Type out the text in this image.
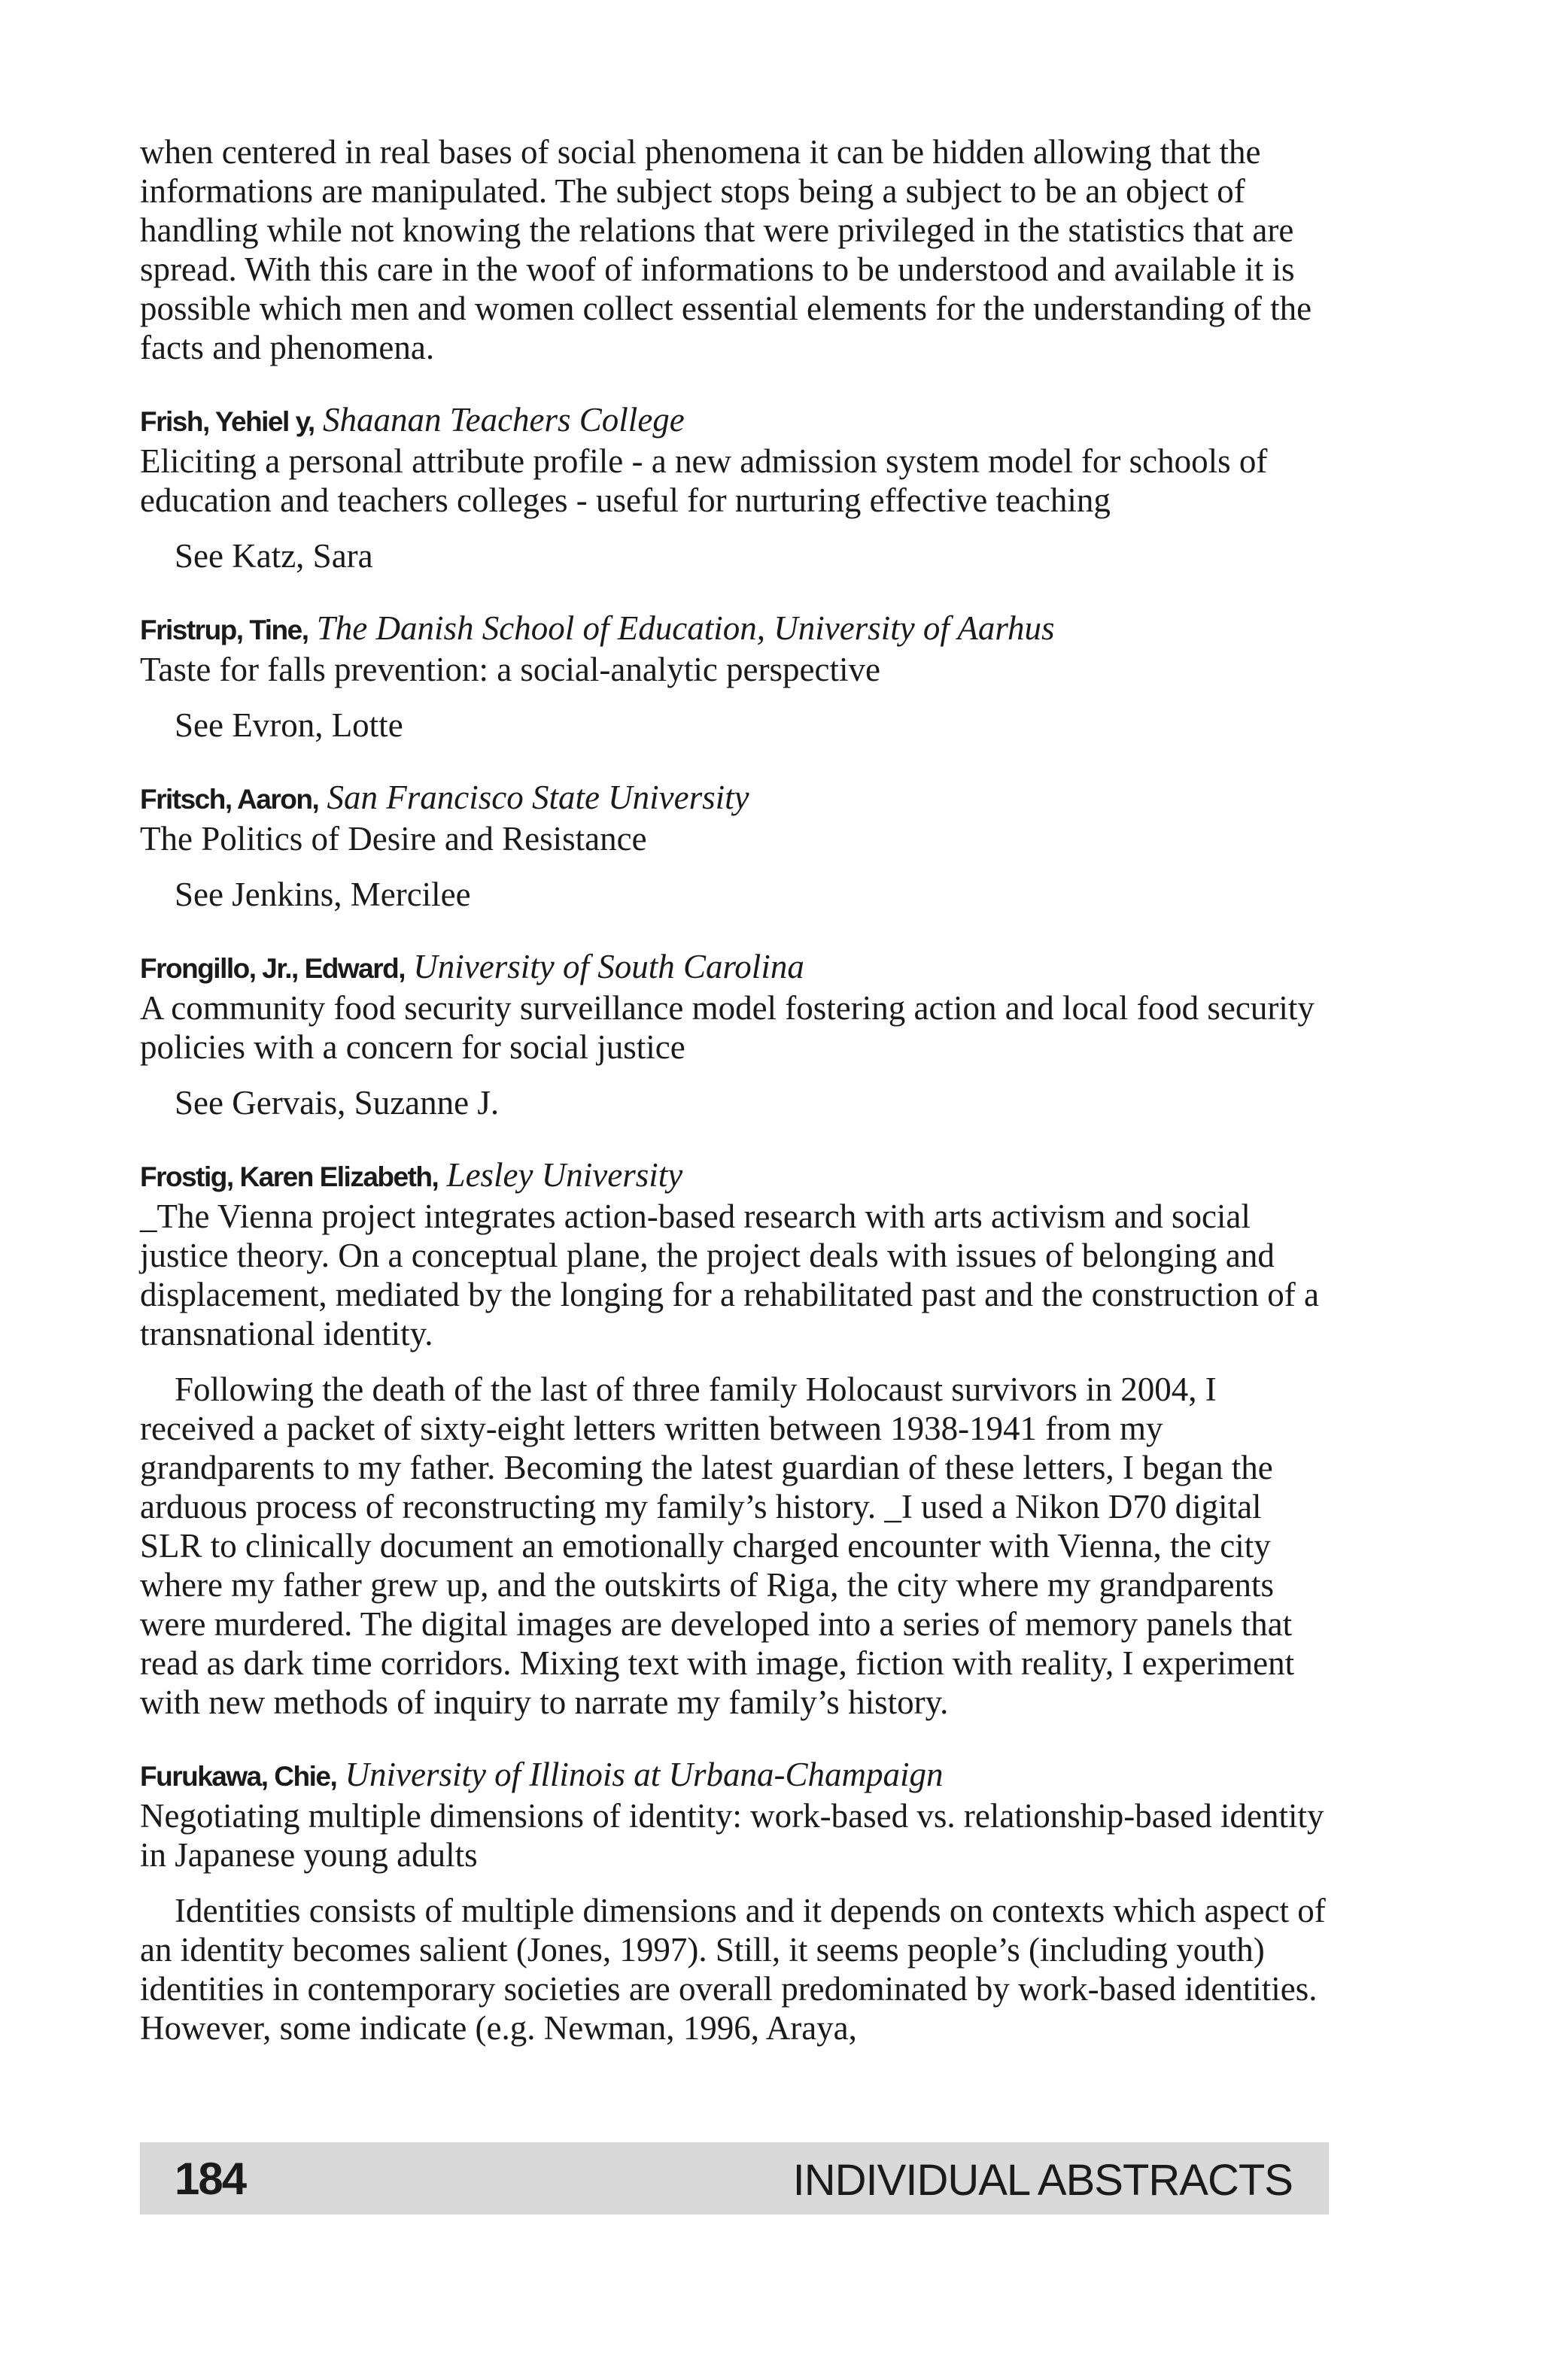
when centered in real bases of social phenomena it can be hidden allowing that the informations are manipulated. The subject stops being a subject to be an object of handling while not knowing the relations that were privileged in the statistics that are spread. With this care in the woof of informations to be understood and available it is possible which men and women collect essential elements for the understanding of the facts and phenomena.

Frish, Yehiel y, Shaanan Teachers College

Eliciting a personal attribute profile - a new admission system model for schools of education and teachers colleges - useful for nurturing effective teaching

See Katz, Sara

Fristrup, Tine, The Danish School of Education, University of Aarhus

Taste for falls prevention: a social-analytic perspective

See Evron, Lotte

Fritsch, Aaron, San Francisco State University

The Politics of Desire and Resistance

See Jenkins, Mercilee

Frongillo, Jr., Edward, University of South Carolina

A community food security surveillance model fostering action and local food security policies with a concern for social justice

See Gervais, Suzanne J.

Frostig, Karen Elizabeth, Lesley University

_The Vienna project integrates action-based research with arts activism and social justice theory. On a conceptual plane, the project deals with issues of belonging and displacement, mediated by the longing for a rehabilitated past and the construction of a transnational identity.

Following the death of the last of three family Holocaust survivors in 2004, I received a packet of sixty-eight letters written between 1938-1941 from my grandparents to my father. Becoming the latest guardian of these letters, I began the arduous process of reconstructing my family’s history. _I used a Nikon D70 digital SLR to clinically document an emotionally charged encounter with Vienna, the city where my father grew up, and the outskirts of Riga, the city where my grandparents were murdered. The digital images are developed into a series of memory panels that read as dark time corridors. Mixing text with image, fiction with reality, I experiment with new methods of inquiry to narrate my family’s history.

Furukawa, Chie, University of Illinois at Urbana-Champaign

Negotiating multiple dimensions of identity: work-based vs. relationship-based identity in Japanese young adults

Identities consists of multiple dimensions and it depends on contexts which aspect of an identity becomes salient (Jones, 1997). Still, it seems people’s (including youth) identities in contemporary societies are overall predominated by work-based identities. However, some indicate (e.g. Newman, 1996, Araya,

184	INDIVIDUAL ABSTRACTS
